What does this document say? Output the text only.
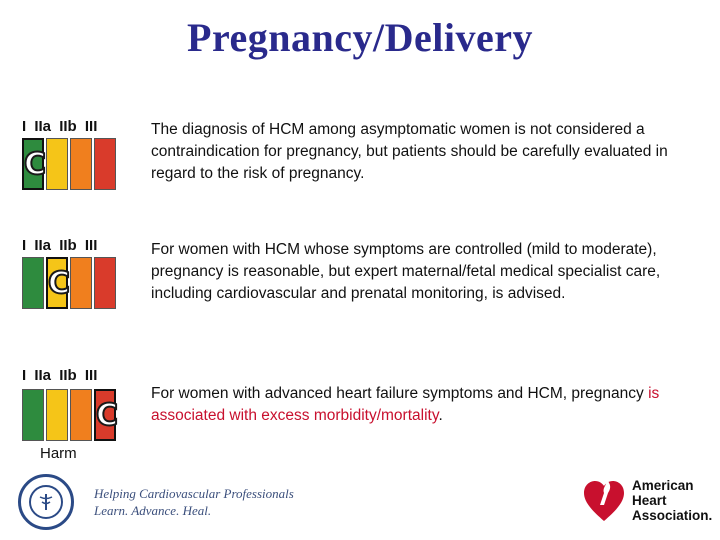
Pregnancy/Delivery
I IIa IIb III
C
The diagnosis of HCM among asymptomatic women is not considered a contraindication for pregnancy, but patients should be carefully evaluated in regard to the risk of pregnancy.
I IIa IIb III
C
For women with HCM whose symptoms are controlled (mild to moderate), pregnancy is reasonable, but expert maternal/fetal medical specialist care, including cardiovascular and prenatal monitoring, is advised.
I IIa IIb III
C
Harm
For women with advanced heart failure symptoms and HCM, pregnancy is associated with excess morbidity/mortality.
Helping Cardiovascular Professionals
Learn. Advance. Heal.
American
Heart
Association.
